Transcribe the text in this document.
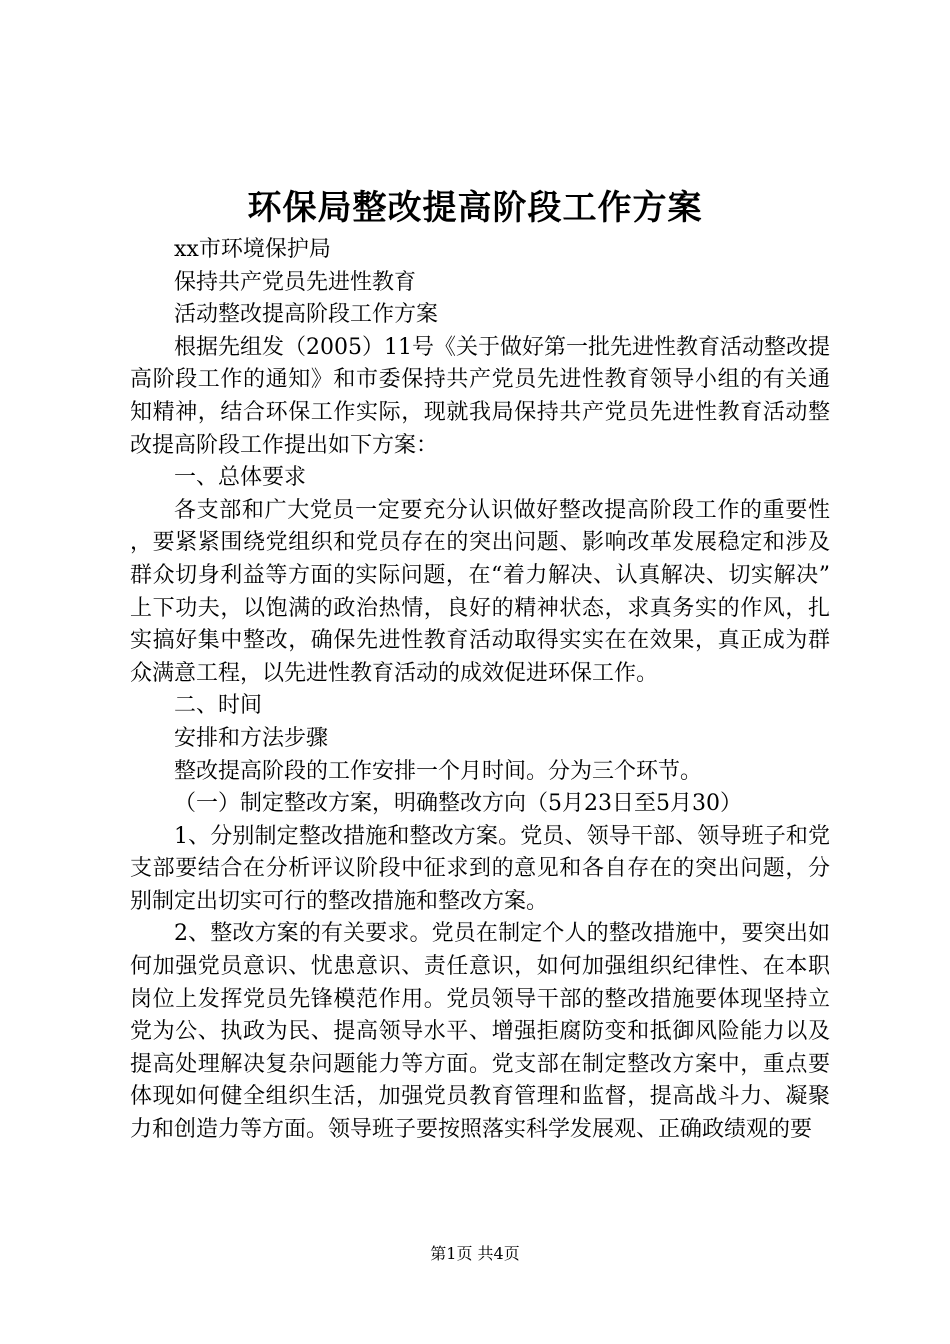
环保局整改提高阶段工作方案

xx市环境保护局

保持共产党员先进性教育

活动整改提高阶段工作方案

根据先组发（2005）11号《关于做好第一批先进性教育活动整改提高阶段工作的通知》和市委保持共产党员先进性教育领导小组的有关通知精神，结合环保工作实际，现就我局保持共产党员先进性教育活动整改提高阶段工作提出如下方案：

一、总体要求

各支部和广大党员一定要充分认识做好整改提高阶段工作的重要性，要紧紧围绕党组织和党员存在的突出问题、影响改革发展稳定和涉及群众切身利益等方面的实际问题，在“着力解决、认真解决、切实解决”上下功夫，以饱满的政治热情，良好的精神状态，求真务实的作风，扎实搞好集中整改，确保先进性教育活动取得实实在在效果，真正成为群众满意工程，以先进性教育活动的成效促进环保工作。

二、时间

安排和方法步骤

整改提高阶段的工作安排一个月时间。分为三个环节。

（一）制定整改方案，明确整改方向（5月23日至5月30）

1、分别制定整改措施和整改方案。党员、领导干部、领导班子和党支部要结合在分析评议阶段中征求到的意见和各自存在的突出问题，分别制定出切实可行的整改措施和整改方案。

2、整改方案的有关要求。党员在制定个人的整改措施中，要突出如何加强党员意识、忧患意识、责任意识，如何加强组织纪律性、在本职岗位上发挥党员先锋模范作用。党员领导干部的整改措施要体现坚持立党为公、执政为民、提高领导水平、增强拒腐防变和抵御风险能力以及提高处理解决复杂问题能力等方面。党支部在制定整改方案中，重点要体现如何健全组织生活，加强党员教育管理和监督，提高战斗力、凝聚力和创造力等方面。领导班子要按照落实科学发展观、正确政绩观的要

第1页 共4页
